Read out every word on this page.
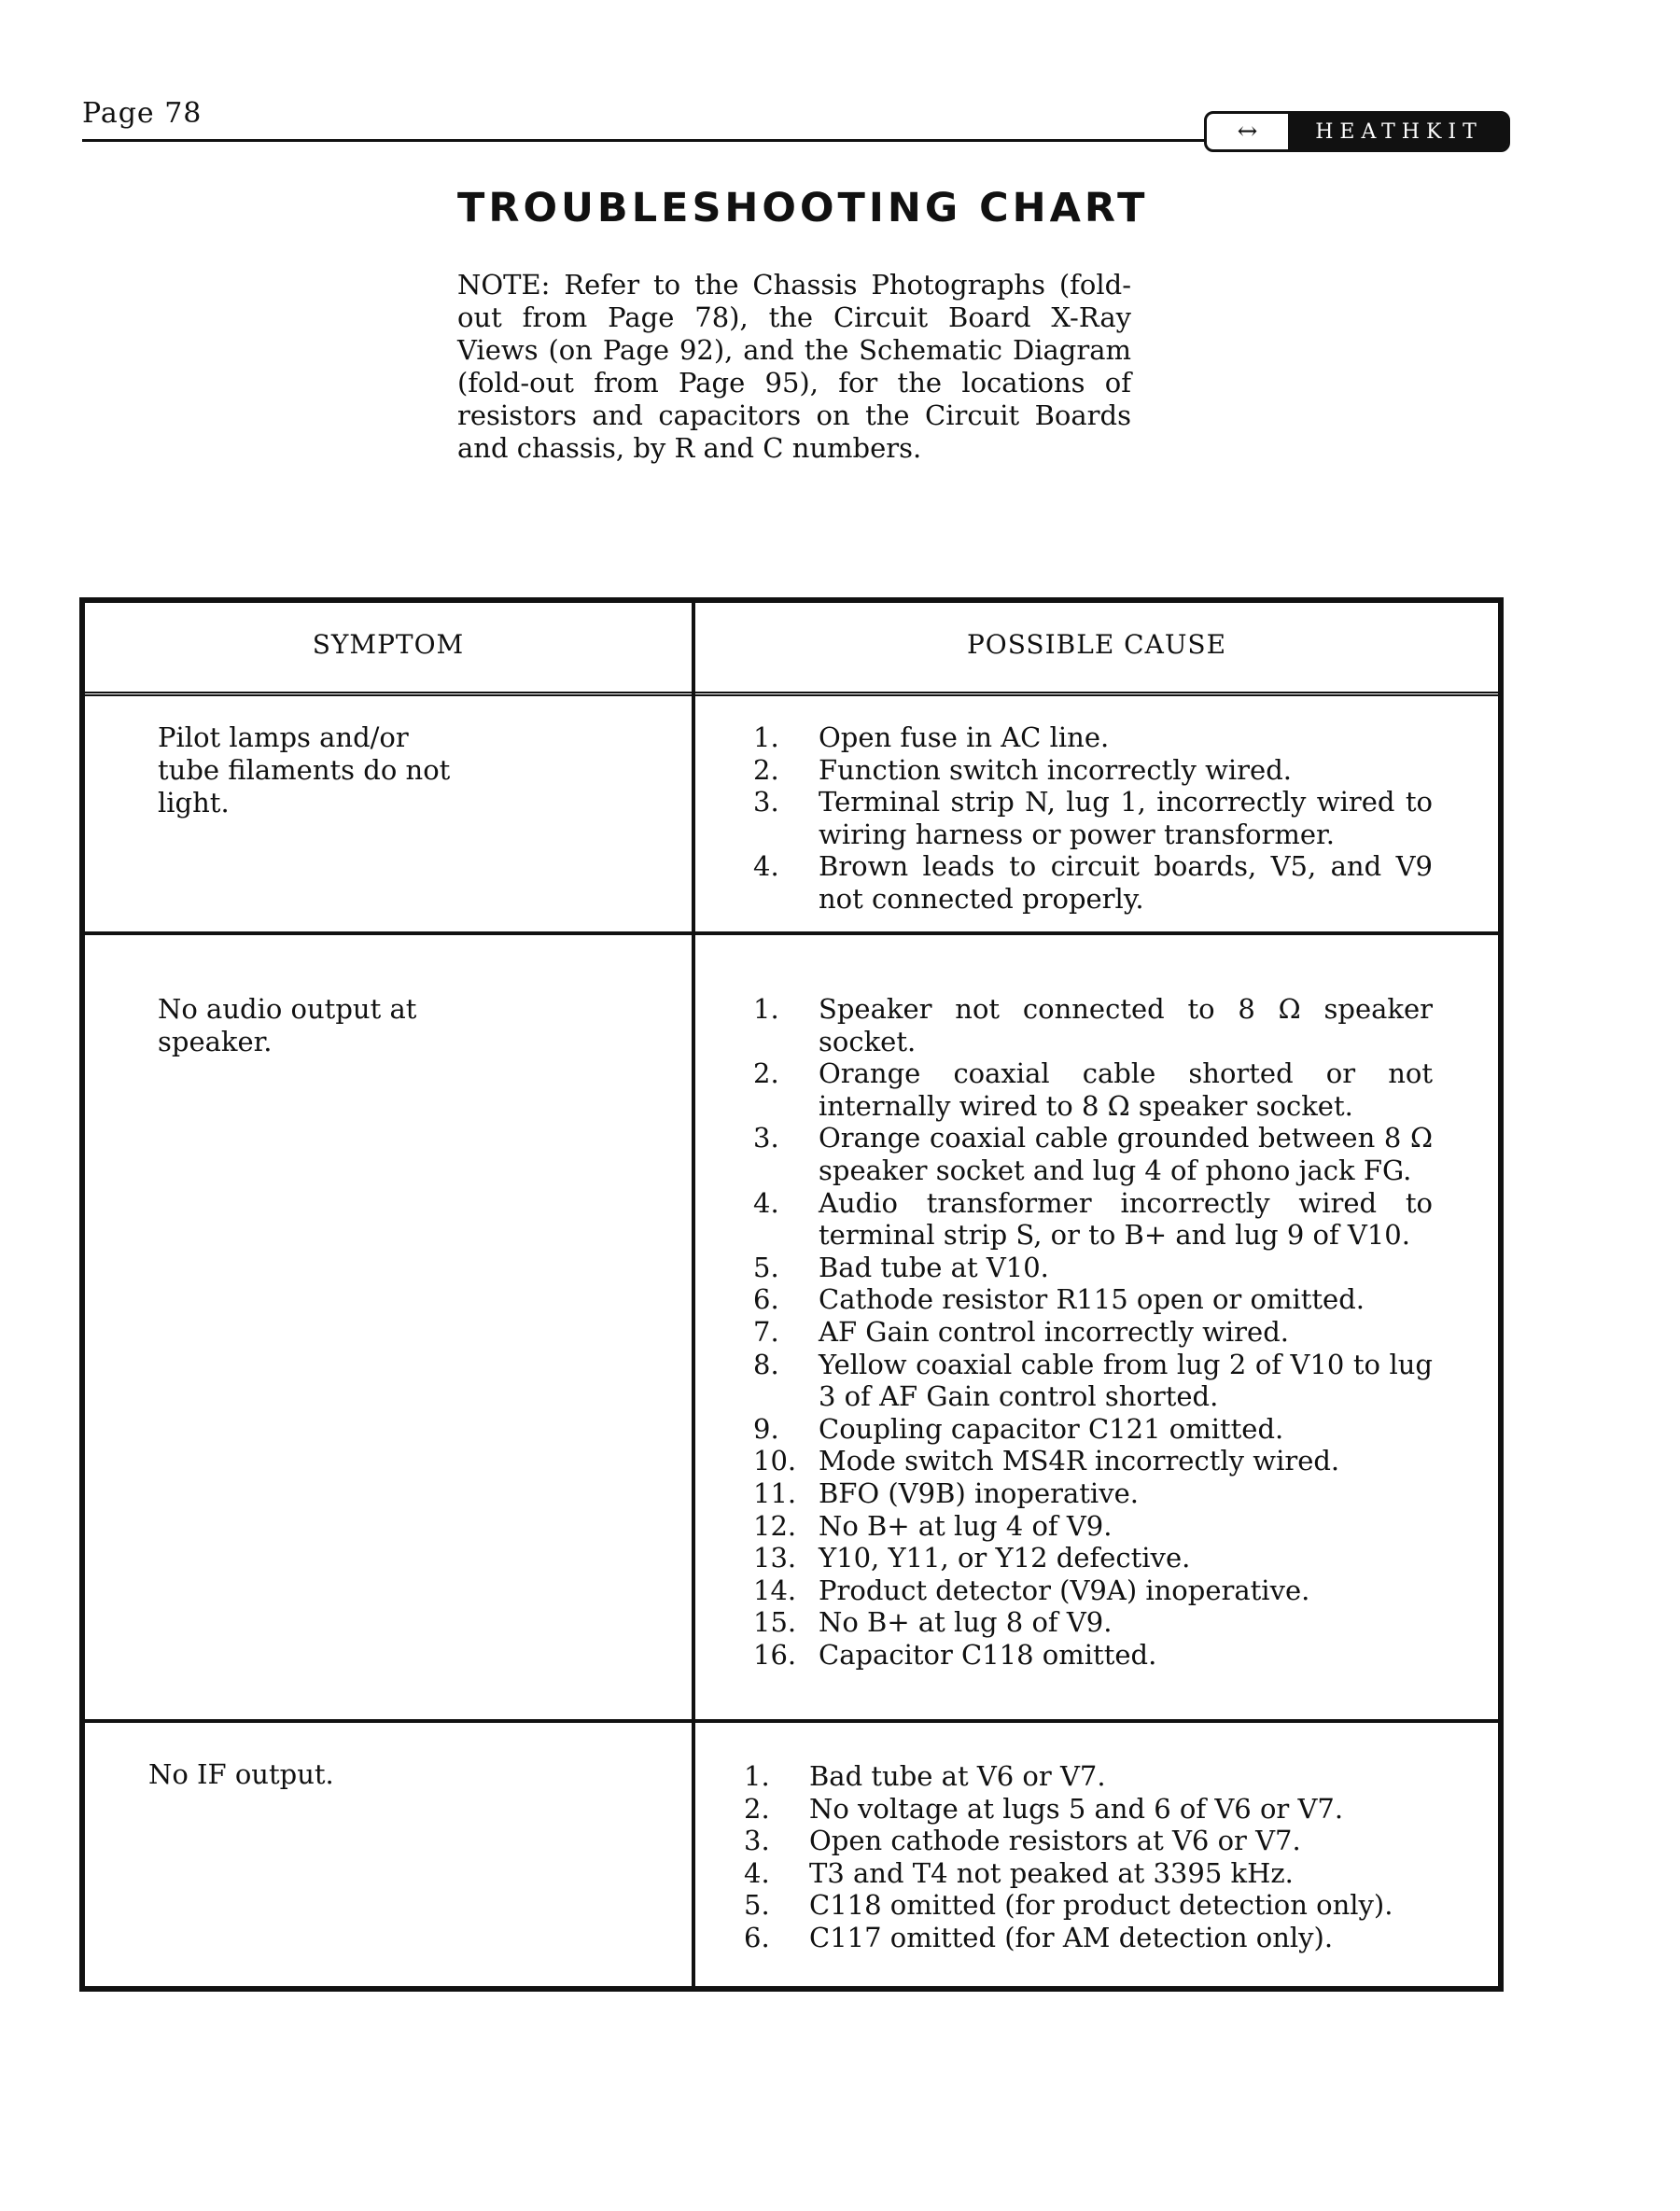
Page 78
↔	HEATHKIT
TROUBLESHOOTING CHART
NOTE: Refer to the Chassis Photographs (fold-out from Page 78), the Circuit Board X-Ray Views (on Page 92), and the Schematic Diagram (fold-out from Page 95), for the locations of resistors and capacitors on the Circuit Boards and chassis, by R and C numbers.
SYMPTOM	POSSIBLE CAUSE
Pilot lamps and/or tube filaments do not light.
1.	Open fuse in AC line.
2.	Function switch incorrectly wired.
3.	Terminal strip N, lug 1, incorrectly wired to wiring harness or power transformer.
4.	Brown leads to circuit boards, V5, and V9 not connected properly.
No audio output at speaker.
1.	Speaker not connected to 8 Ω speaker socket.
2.	Orange coaxial cable shorted or not internally wired to 8 Ω speaker socket.
3.	Orange coaxial cable grounded between 8 Ω speaker socket and lug 4 of phono jack FG.
4.	Audio transformer incorrectly wired to terminal strip S, or to B+ and lug 9 of V10.
5.	Bad tube at V10.
6.	Cathode resistor R115 open or omitted.
7.	AF Gain control incorrectly wired.
8.	Yellow coaxial cable from lug 2 of V10 to lug 3 of AF Gain control shorted.
9.	Coupling capacitor C121 omitted.
10. Mode switch MS4R incorrectly wired.
11. BFO (V9B) inoperative.
12. No B+ at lug 4 of V9.
13. Y10, Y11, or Y12 defective.
14. Product detector (V9A) inoperative.
15. No B+ at lug 8 of V9.
16. Capacitor C118 omitted.
No IF output.	1.	Bad tube at V6 or V7.
2.	No voltage at lugs 5 and 6 of V6 or V7.
3.	Open cathode resistors at V6 or V7.
4.	T3 and T4 not peaked at 3395 kHz.
5.	C118 omitted (for product detection only).
6.	C117 omitted (for AM detection only).
